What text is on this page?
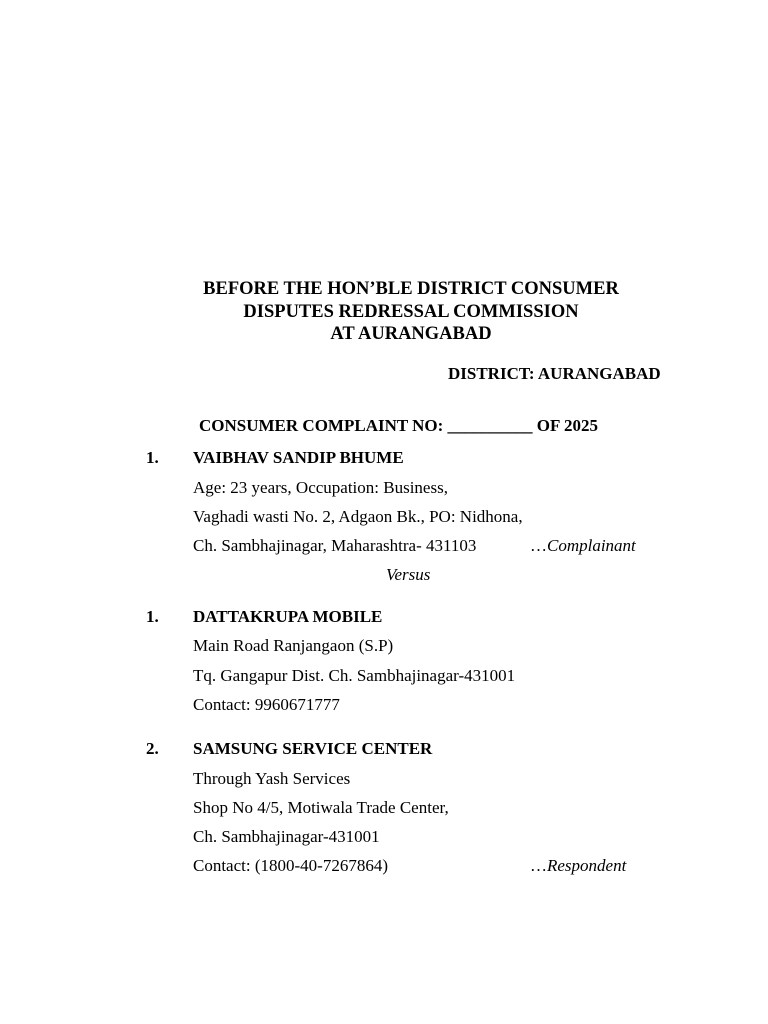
BEFORE THE HON’BLE DISTRICT CONSUMER
DISPUTES REDRESSAL COMMISSION
AT AURANGABAD
DISTRICT: AURANGABAD
CONSUMER COMPLAINT NO: __________ OF 2025
1. VAIBHAV SANDIP BHUME
Age: 23 years, Occupation: Business,
Vaghadi wasti No. 2, Adgaon Bk., PO: Nidhona,
Ch. Sambhajinagar, Maharashtra- 431103	…Complainant
Versus
1. DATTAKRUPA MOBILE
Main Road Ranjangaon (S.P)
Tq. Gangapur Dist. Ch. Sambhajinagar-431001
Contact: 9960671777
2. SAMSUNG SERVICE CENTER
Through Yash Services
Shop No 4/5, Motiwala Trade Center,
Ch. Sambhajinagar-431001
Contact: (1800-40-7267864)	…Respondent
